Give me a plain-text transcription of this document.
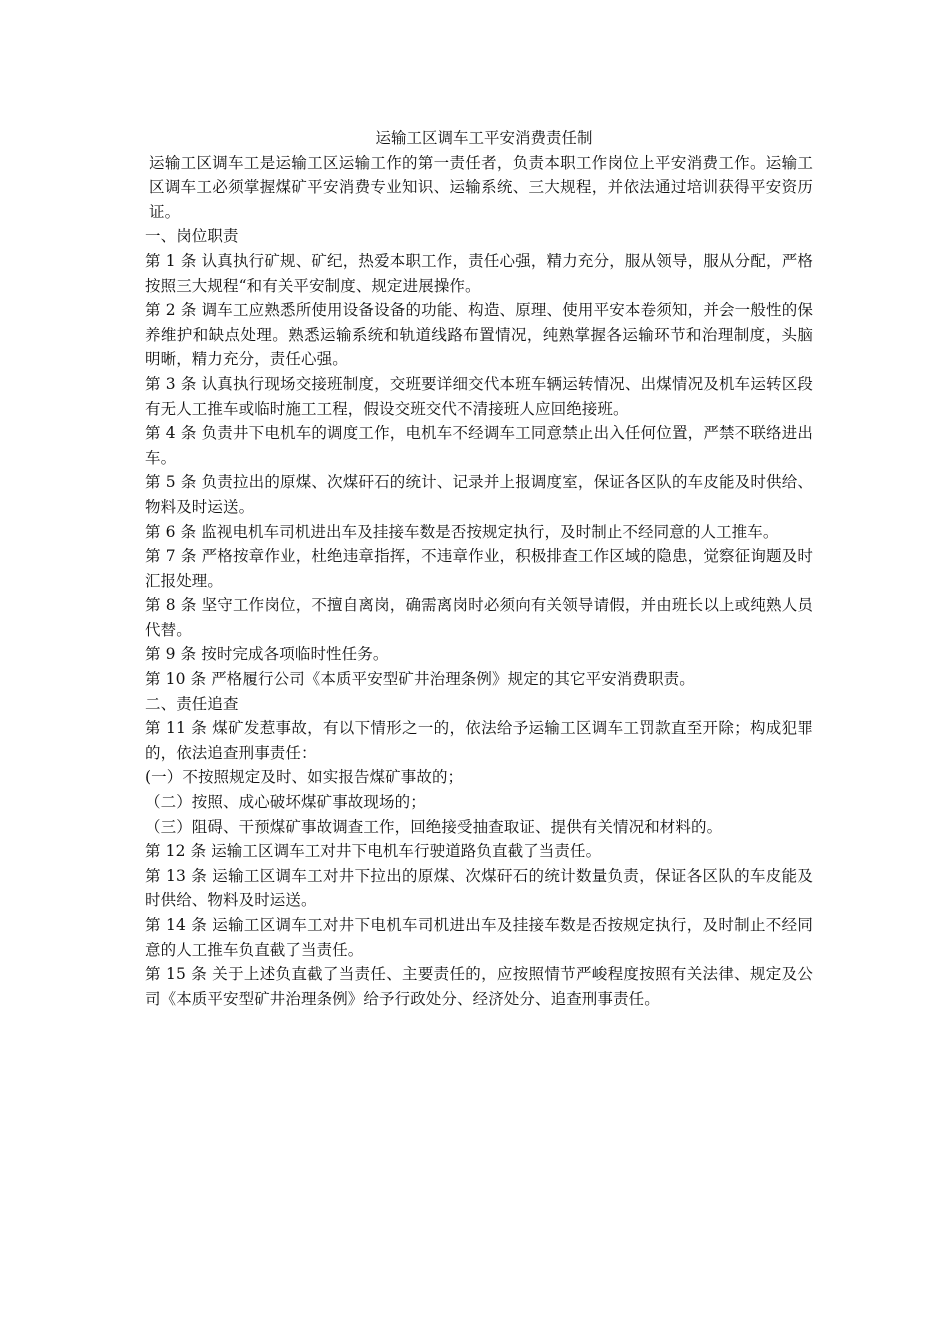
运输工区调车工平安消费责任制

运输工区调车工是运输工区运输工作的第一责任者，负责本职工作岗位上平安消费工作。运输工区调车工必须掌握煤矿平安消费专业知识、运输系统、三大规程，并依法通过培训获得平安资历证。

一、岗位职责

第 1 条 认真执行矿规、矿纪，热爱本职工作，责任心强，精力充分，服从领导，服从分配，严格按照三大规程“和有关平安制度、规定进展操作。

第 2 条 调车工应熟悉所使用设备设备的功能、构造、原理、使用平安本卷须知，并会一般性的保养维护和缺点处理。熟悉运输系统和轨道线路布置情况，纯熟掌握各运输环节和治理制度，头脑明晰，精力充分，责任心强。

第 3 条 认真执行现场交接班制度，交班要详细交代本班车辆运转情况、出煤情况及机车运转区段有无人工推车或临时施工工程，假设交班交代不清接班人应回绝接班。

第 4 条 负责井下电机车的调度工作，电机车不经调车工同意禁止出入任何位置，严禁不联络进出车。

第 5 条 负责拉出的原煤、次煤矸石的统计、记录并上报调度室，保证各区队的车皮能及时供给、物料及时运送。

第 6 条 监视电机车司机进出车及挂接车数是否按规定执行，及时制止不经同意的人工推车。

第 7 条 严格按章作业，杜绝违章指挥，不违章作业，积极排查工作区域的隐患，觉察征询题及时汇报处理。

第 8 条 坚守工作岗位，不擅自离岗，确需离岗时必须向有关领导请假，并由班长以上或纯熟人员代替。

第 9 条 按时完成各项临时性任务。

第 10 条 严格履行公司《本质平安型矿井治理条例》规定的其它平安消费职责。

二、责任追查

第 11 条 煤矿发惹事故，有以下情形之一的，依法给予运输工区调车工罚款直至开除；构成犯罪的，依法追查刑事责任：

(一）不按照规定及时、如实报告煤矿事故的；

（二）按照、成心破坏煤矿事故现场的；

（三）阻碍、干预煤矿事故调查工作，回绝接受抽查取证、提供有关情况和材料的。

第 12 条 运输工区调车工对井下电机车行驶道路负直截了当责任。

第 13 条 运输工区调车工对井下拉出的原煤、次煤矸石的统计数量负责，保证各区队的车皮能及时供给、物料及时运送。

第 14 条 运输工区调车工对井下电机车司机进出车及挂接车数是否按规定执行，及时制止不经同意的人工推车负直截了当责任。

第 15 条 关于上述负直截了当责任、主要责任的，应按照情节严峻程度按照有关法律、规定及公司《本质平安型矿井治理条例》给予行政处分、经济处分、追查刑事责任。
